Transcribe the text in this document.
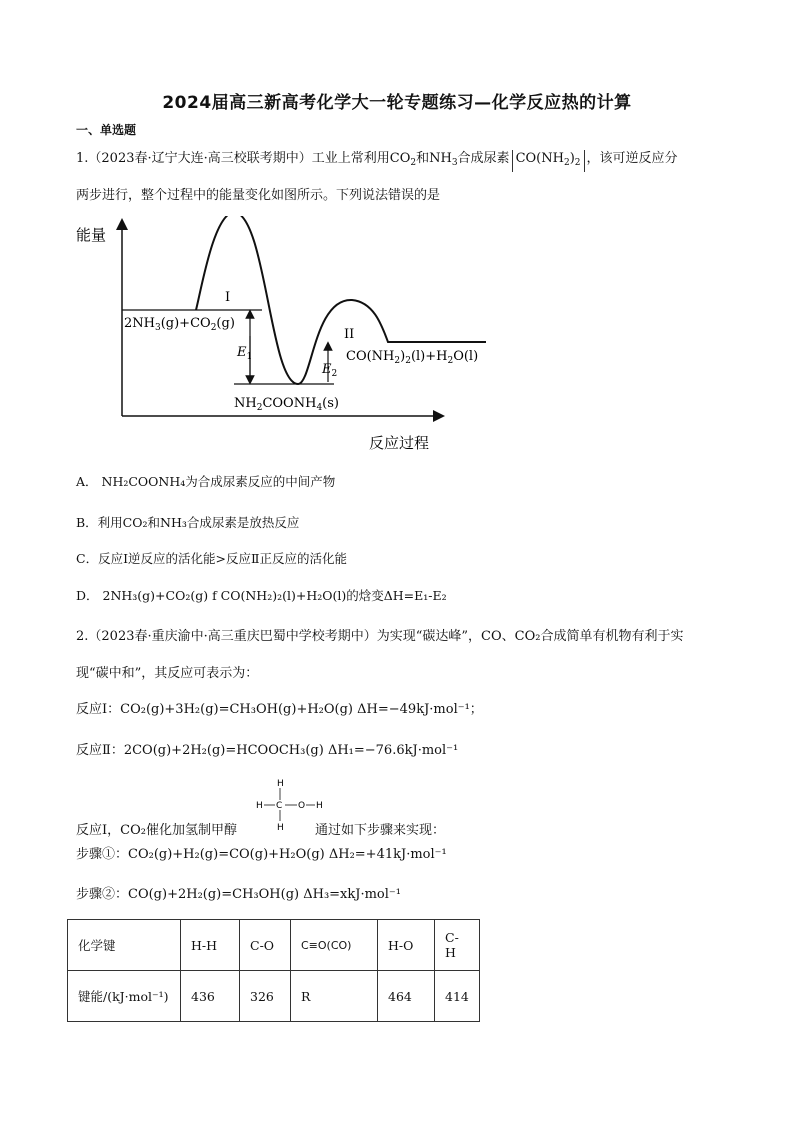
2024届高三新高考化学大一轮专题练习—化学反应热的计算
一、单选题
1.（2023春·辽宁大连·高三校联考期中）工业上常利用$CO_2$和$NH_3$合成尿素 $CO(NH_2)_2$ ，该可逆反应分
两步进行，整个过程中的能量变化如图所示。下列说法错误的是
能量
反应过程
I
II
$E_1$
$E_2$
$2NH_3(g)+CO_2(g)$
$NH_2COONH_4(s)$
$CO(NH_2)_2(l)+H_2O(l)$
A． NH₂COONH₄为合成尿素反应的中间产物
B．利用CO₂和NH₃合成尿素是放热反应
C．反应Ⅰ逆反应的活化能>反应Ⅱ正反应的活化能
D． 2NH₃(g)+CO₂(g) f CO(NH₂)₂(l)+H₂O(l)的焓变ΔH=E₁-E₂
2.（2023春·重庆渝中·高三重庆巴蜀中学校考期中）为实现“碳达峰”，CO、CO₂合成简单有机物有利于实
现“碳中和”，其反应可表示为：
反应Ⅰ：CO₂(g)+3H₂(g)=CH₃OH(g)+H₂O(g) ΔH=−49kJ·mol⁻¹；
反应Ⅱ：2CO(g)+2H₂(g)=HCOOCH₃(g) ΔH₁=−76.6kJ·mol⁻¹
反应Ⅰ，CO₂催化加氢制甲醇	通过如下步骤来实现：
H
H C O H
H
步骤①：CO₂(g)+H₂(g)=CO(g)+H₂O(g) ΔH₂=+41kJ·mol⁻¹
步骤②：CO(g)+2H₂(g)=CH₃OH(g) ΔH₃=xkJ·mol⁻¹
化学键	H-H	C-O	C≡O(CO)	H-O	C-H
键能/(kJ·mol⁻¹)	436	326	R	464	414
